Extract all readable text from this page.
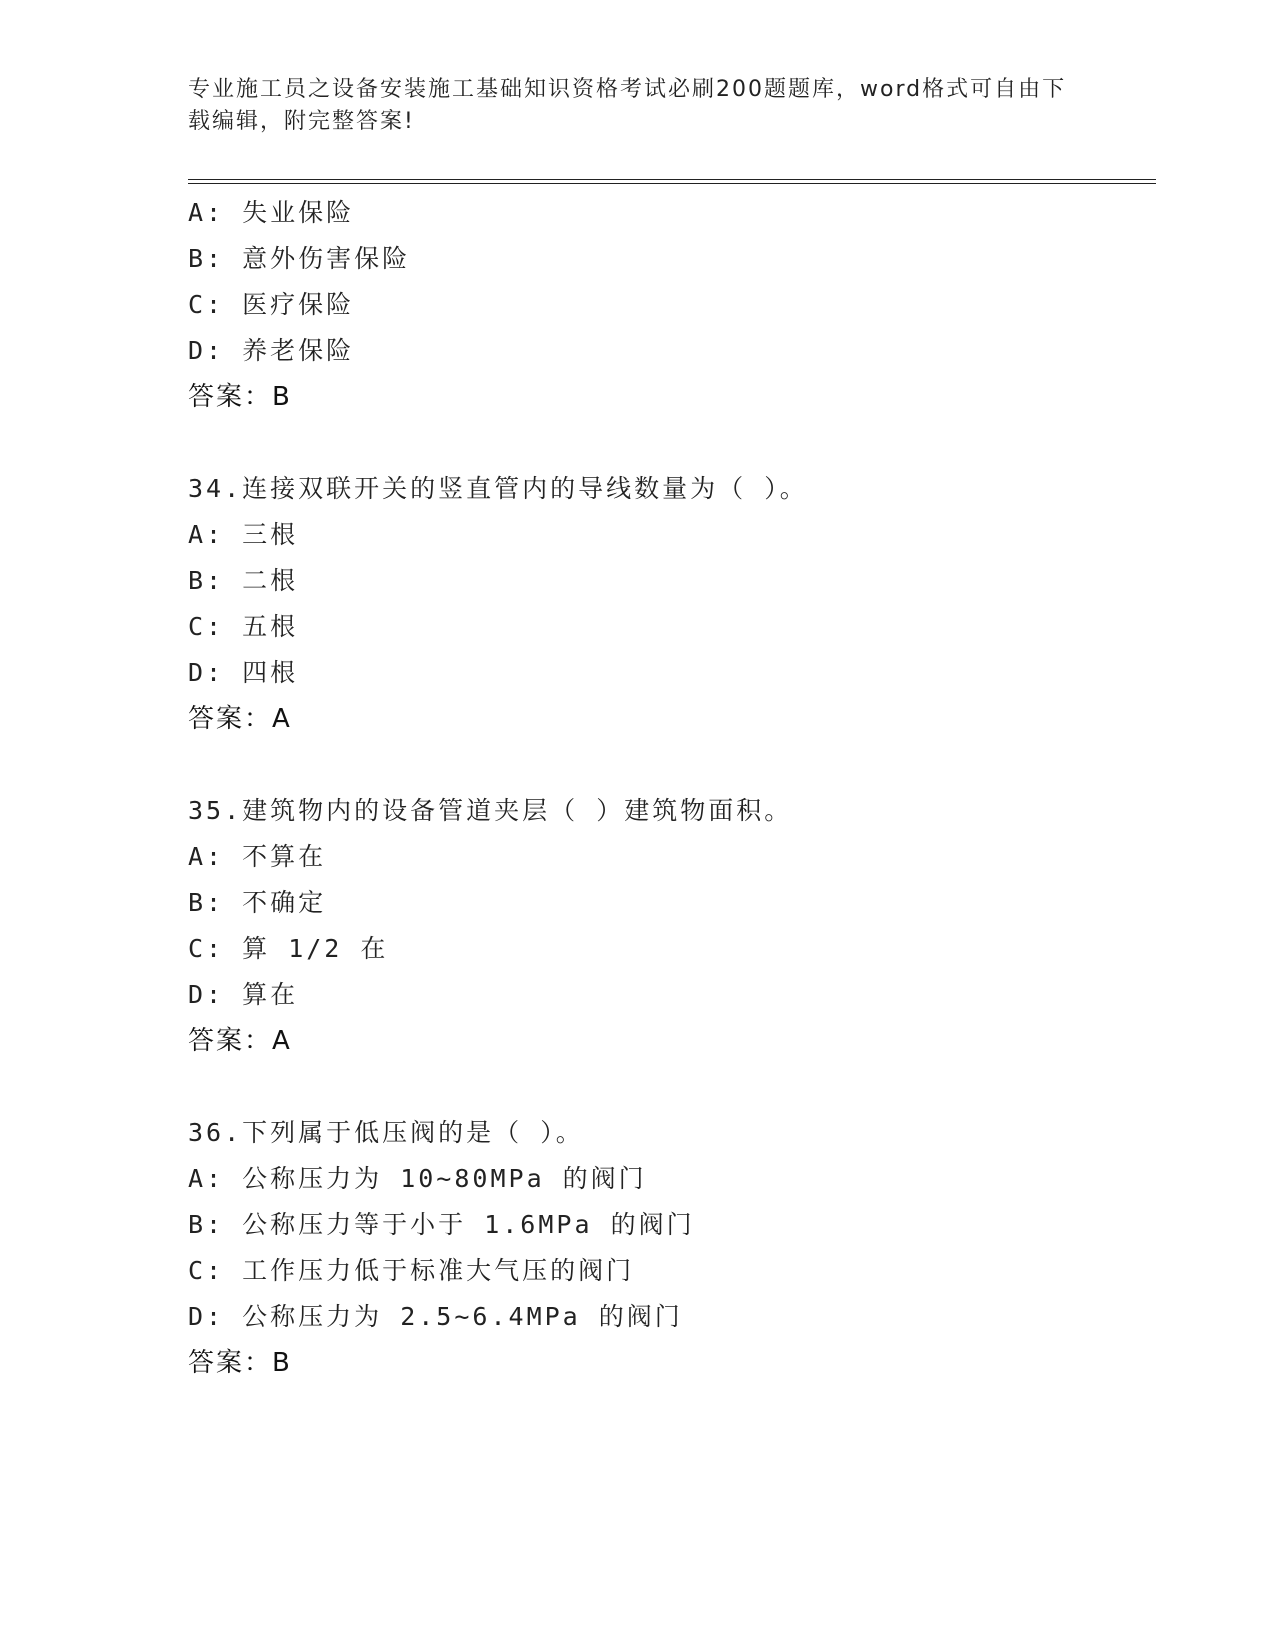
专业施工员之设备安装施工基础知识资格考试必刷200题题库，word格式可自由下载编辑，附完整答案!
A: 失业保险
B: 意外伤害保险
C: 医疗保险
D: 养老保险
答案：B
34.连接双联开关的竖直管内的导线数量为（ ）。
A: 三根
B: 二根
C: 五根
D: 四根
答案：A
35.建筑物内的设备管道夹层（ ）建筑物面积。
A: 不算在
B: 不确定
C: 算 1/2 在
D: 算在
答案：A
36.下列属于低压阀的是（ ）。
A: 公称压力为 10~80MPa 的阀门
B: 公称压力等于小于 1.6MPa 的阀门
C: 工作压力低于标准大气压的阀门
D: 公称压力为 2.5~6.4MPa 的阀门
答案：B
